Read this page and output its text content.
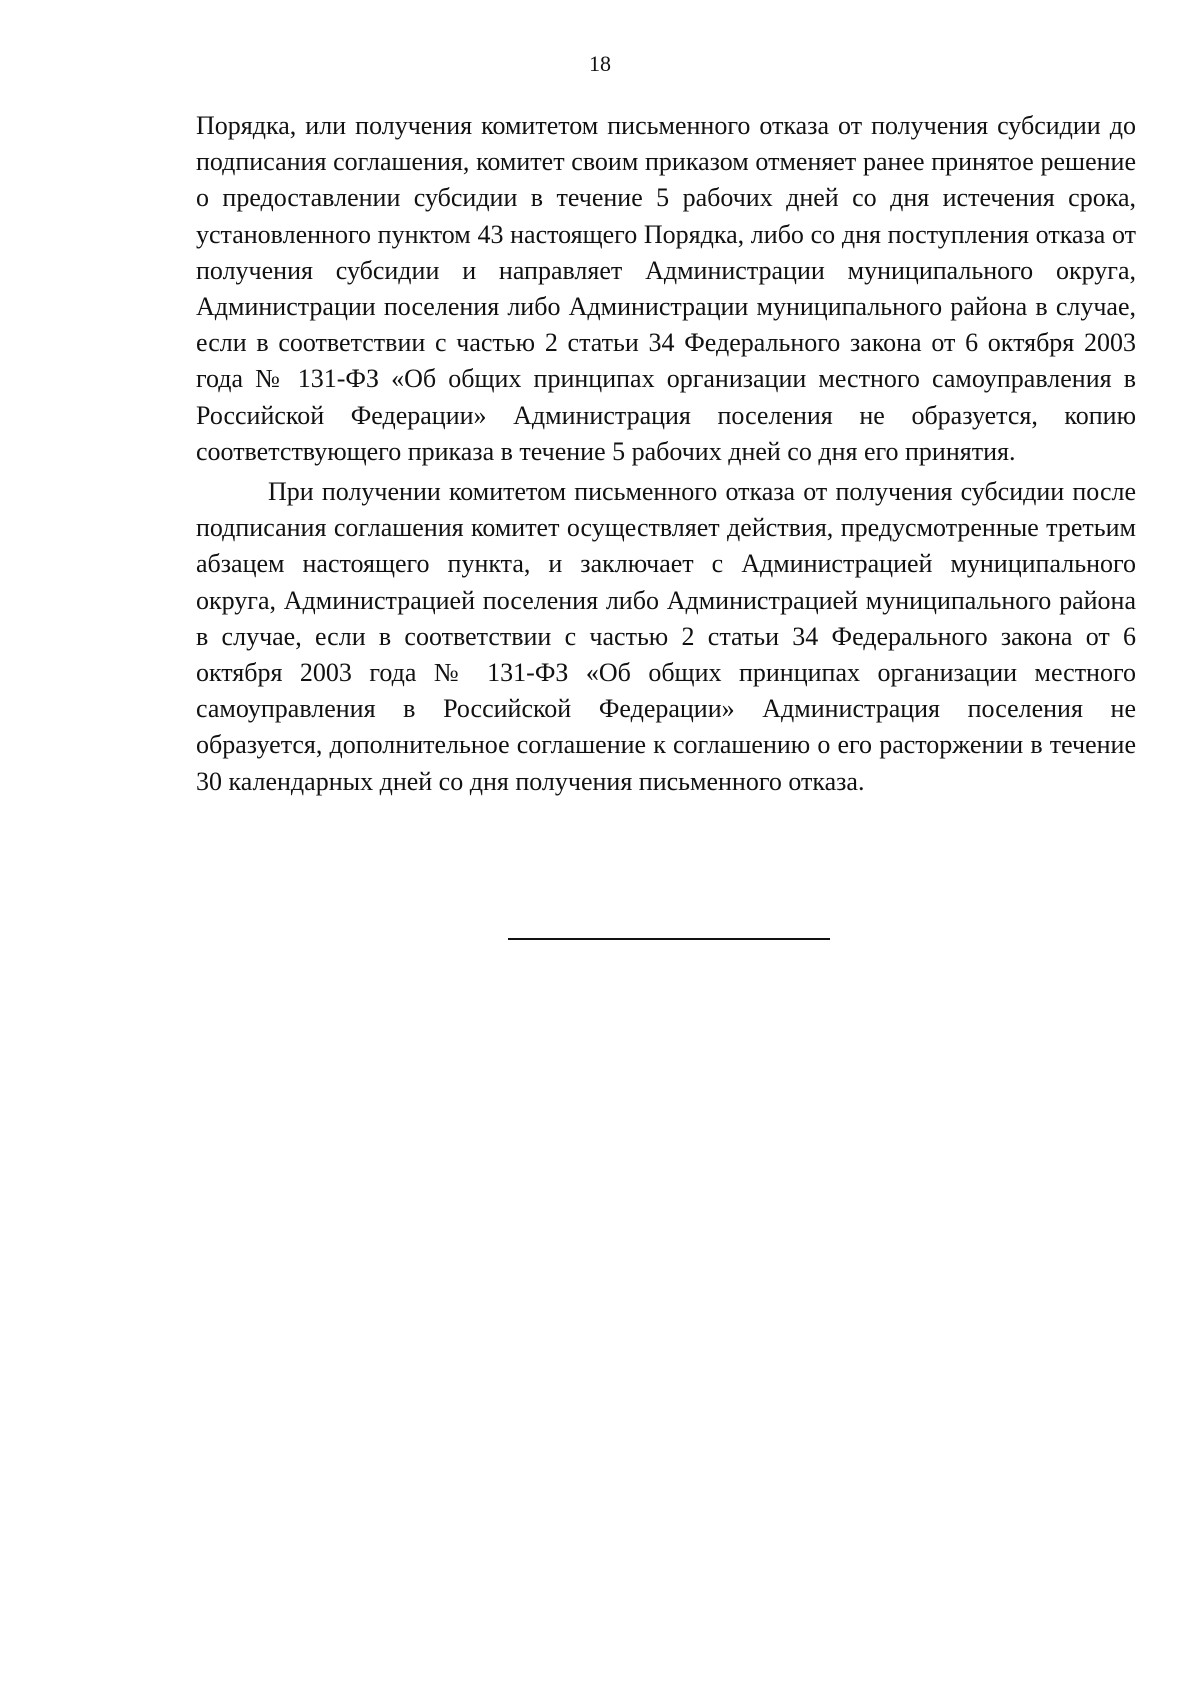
18

Порядка, или получения комитетом письменного отказа от получения субсидии до подписания соглашения, комитет своим приказом отменяет ранее принятое решение о предоставлении субсидии в течение 5 рабочих дней со дня истечения срока, установленного пунктом 43 настоящего Порядка, либо со дня поступления отказа от получения субсидии и направляет Администрации муниципального округа, Администрации поселения либо Администрации муниципального района в случае, если в соответствии с частью 2 статьи 34 Федерального закона от 6 октября 2003 года № 131-ФЗ «Об общих принципах организации местного самоуправления в Российской Федерации» Администрация поселения не образуется, копию соответствующего приказа в течение 5 рабочих дней со дня его принятия.

При получении комитетом письменного отказа от получения субсидии после подписания соглашения комитет осуществляет действия, предусмотренные третьим абзацем настоящего пункта, и заключает с Администрацией муниципального округа, Администрацией поселения либо Администрацией муниципального района в случае, если в соответствии с частью 2 статьи 34 Федерального закона от 6 октября 2003 года № 131-ФЗ «Об общих принципах организации местного самоуправления в Российской Федерации» Администрация поселения не образуется, дополнительное соглашение к соглашению о его расторжении в течение 30 календарных дней со дня получения письменного отказа.
